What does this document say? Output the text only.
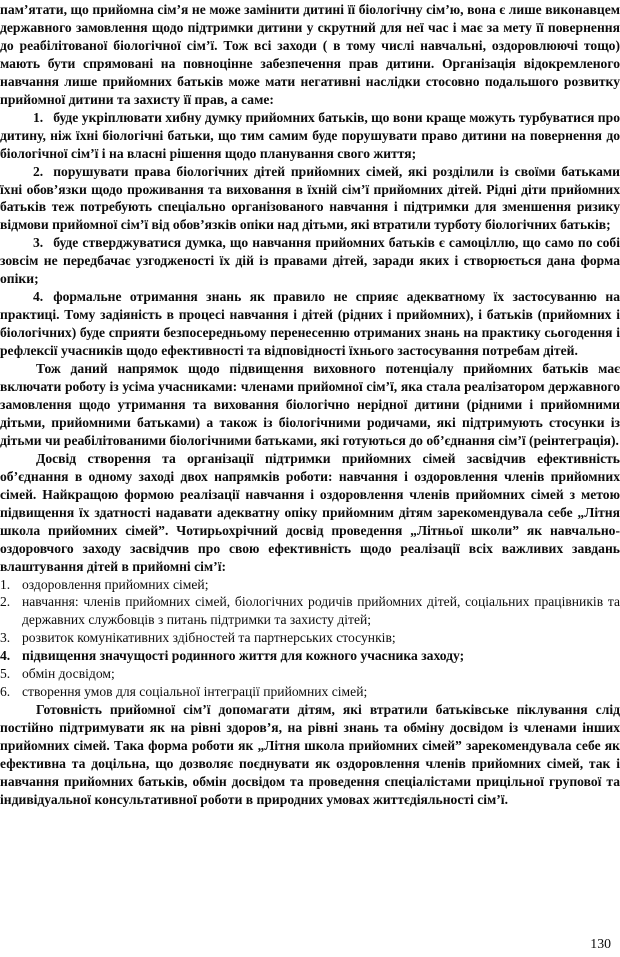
пам’ятати, що прийомна сім’я не може замінити дитині її біологічну сім’ю, вона є лише виконавцем державного замовлення щодо підтримки дитини у скрутний для неї час і має за мету її повернення до реабілітованої біологічної сім’ї. Тож всі заходи ( в тому числі навчальні, оздоровлюючі тощо) мають бути спрямовані на повноцінне забезпечення прав дитини. Організація відокремленого навчання лише прийомних батьків може мати негативні наслідки стосовно подальшого розвитку прийомної дитини та захисту її прав, а саме:

1. буде укріплювати хибну думку прийомних батьків, що вони краще можуть турбуватися про дитину, ніж їхні біологічні батьки, що тим самим буде порушувати право дитини на повернення до біологічної сім’ї і на власні рішення щодо планування свого життя;

2. порушувати права біологічних дітей прийомних сімей, які розділили із своїми батьками їхні обов’язки щодо проживання та виховання в їхній сім’ї прийомних дітей. Рідні діти прийомних батьків теж потребують спеціально організованого навчання і підтримки для зменшення ризику відмови прийомної сім’ї від обов’язків опіки над дітьми, які втратили турботу біологічних батьків;

3. буде стверджуватися думка, що навчання прийомних батьків є самоціллю, що само по собі зовсім не передбачає узгодженості їх дій із правами дітей, заради яких і створюється дана форма опіки;

4. формальне отримання знань як правило не сприяє адекватному їх застосуванню на практиці. Тому задіяність в процесі навчання і дітей (рідних і прийомних), і батьків (прийомних і біологічних) буде сприяти безпосередньому перенесенню отриманих знань на практику сьогодення і рефлексії учасників щодо ефективності та відповідності їхнього застосування потребам дітей.

Тож даний напрямок щодо підвищення виховного потенціалу прийомних батьків має включати роботу із усіма учасниками: членами прийомної сім’ї, яка стала реалізатором державного замовлення щодо утримання та виховання біологічно нерідної дитини (рідними і прийомними дітьми, прийомними батьками) а також із біологічними родичами, які підтримують стосунки із дітьми чи реабілітованими біологічними батьками, які готуються до об’єднання сім’ї (реінтеграція).

Досвід створення та організації підтримки прийомних сімей засвідчив ефективність об’єднання в одному заході двох напрямків роботи: навчання і оздоровлення членів прийомних сімей. Найкращою формою реалізації навчання і оздоровлення членів прийомних сімей з метою підвищення їх здатності надавати адекватну опіку прийомним дітям зарекомендувала себе „Літня школа прийомних сімей”. Чотирьохрічний досвід проведення „Літньої школи” як навчально-оздоровчого заходу засвідчив про свою ефективність щодо реалізації всіх важливих завдань влаштування дітей в прийомні сім’ї:

1. оздоровлення прийомних сімей;
2. навчання: членів прийомних сімей, біологічних родичів прийомних дітей, соціальних працівників та державних службовців з питань підтримки та захисту дітей;
3. розвиток комунікативних здібностей та партнерських стосунків;
4. підвищення значущості родинного життя для кожного учасника заходу;
5. обмін досвідом;
6. створення умов для соціальної інтеграції прийомних сімей;

Готовність прийомної сім’ї допомагати дітям, які втратили батьківське піклування слід постійно підтримувати як на рівні здоров’я, на рівні знань та обміну досвідом із членами інших прийомних сімей. Така форма роботи як „Літня школа прийомних сімей” зарекомендувала себе як ефективна та доцільна, що дозволяє поєднувати як оздоровлення членів прийомних сімей, так і навчання прийомних батьків, обмін досвідом та проведення спеціалістами прицільної групової та індивідуальної консультативної роботи в природних умовах життєдіяльності сім’ї.

130
